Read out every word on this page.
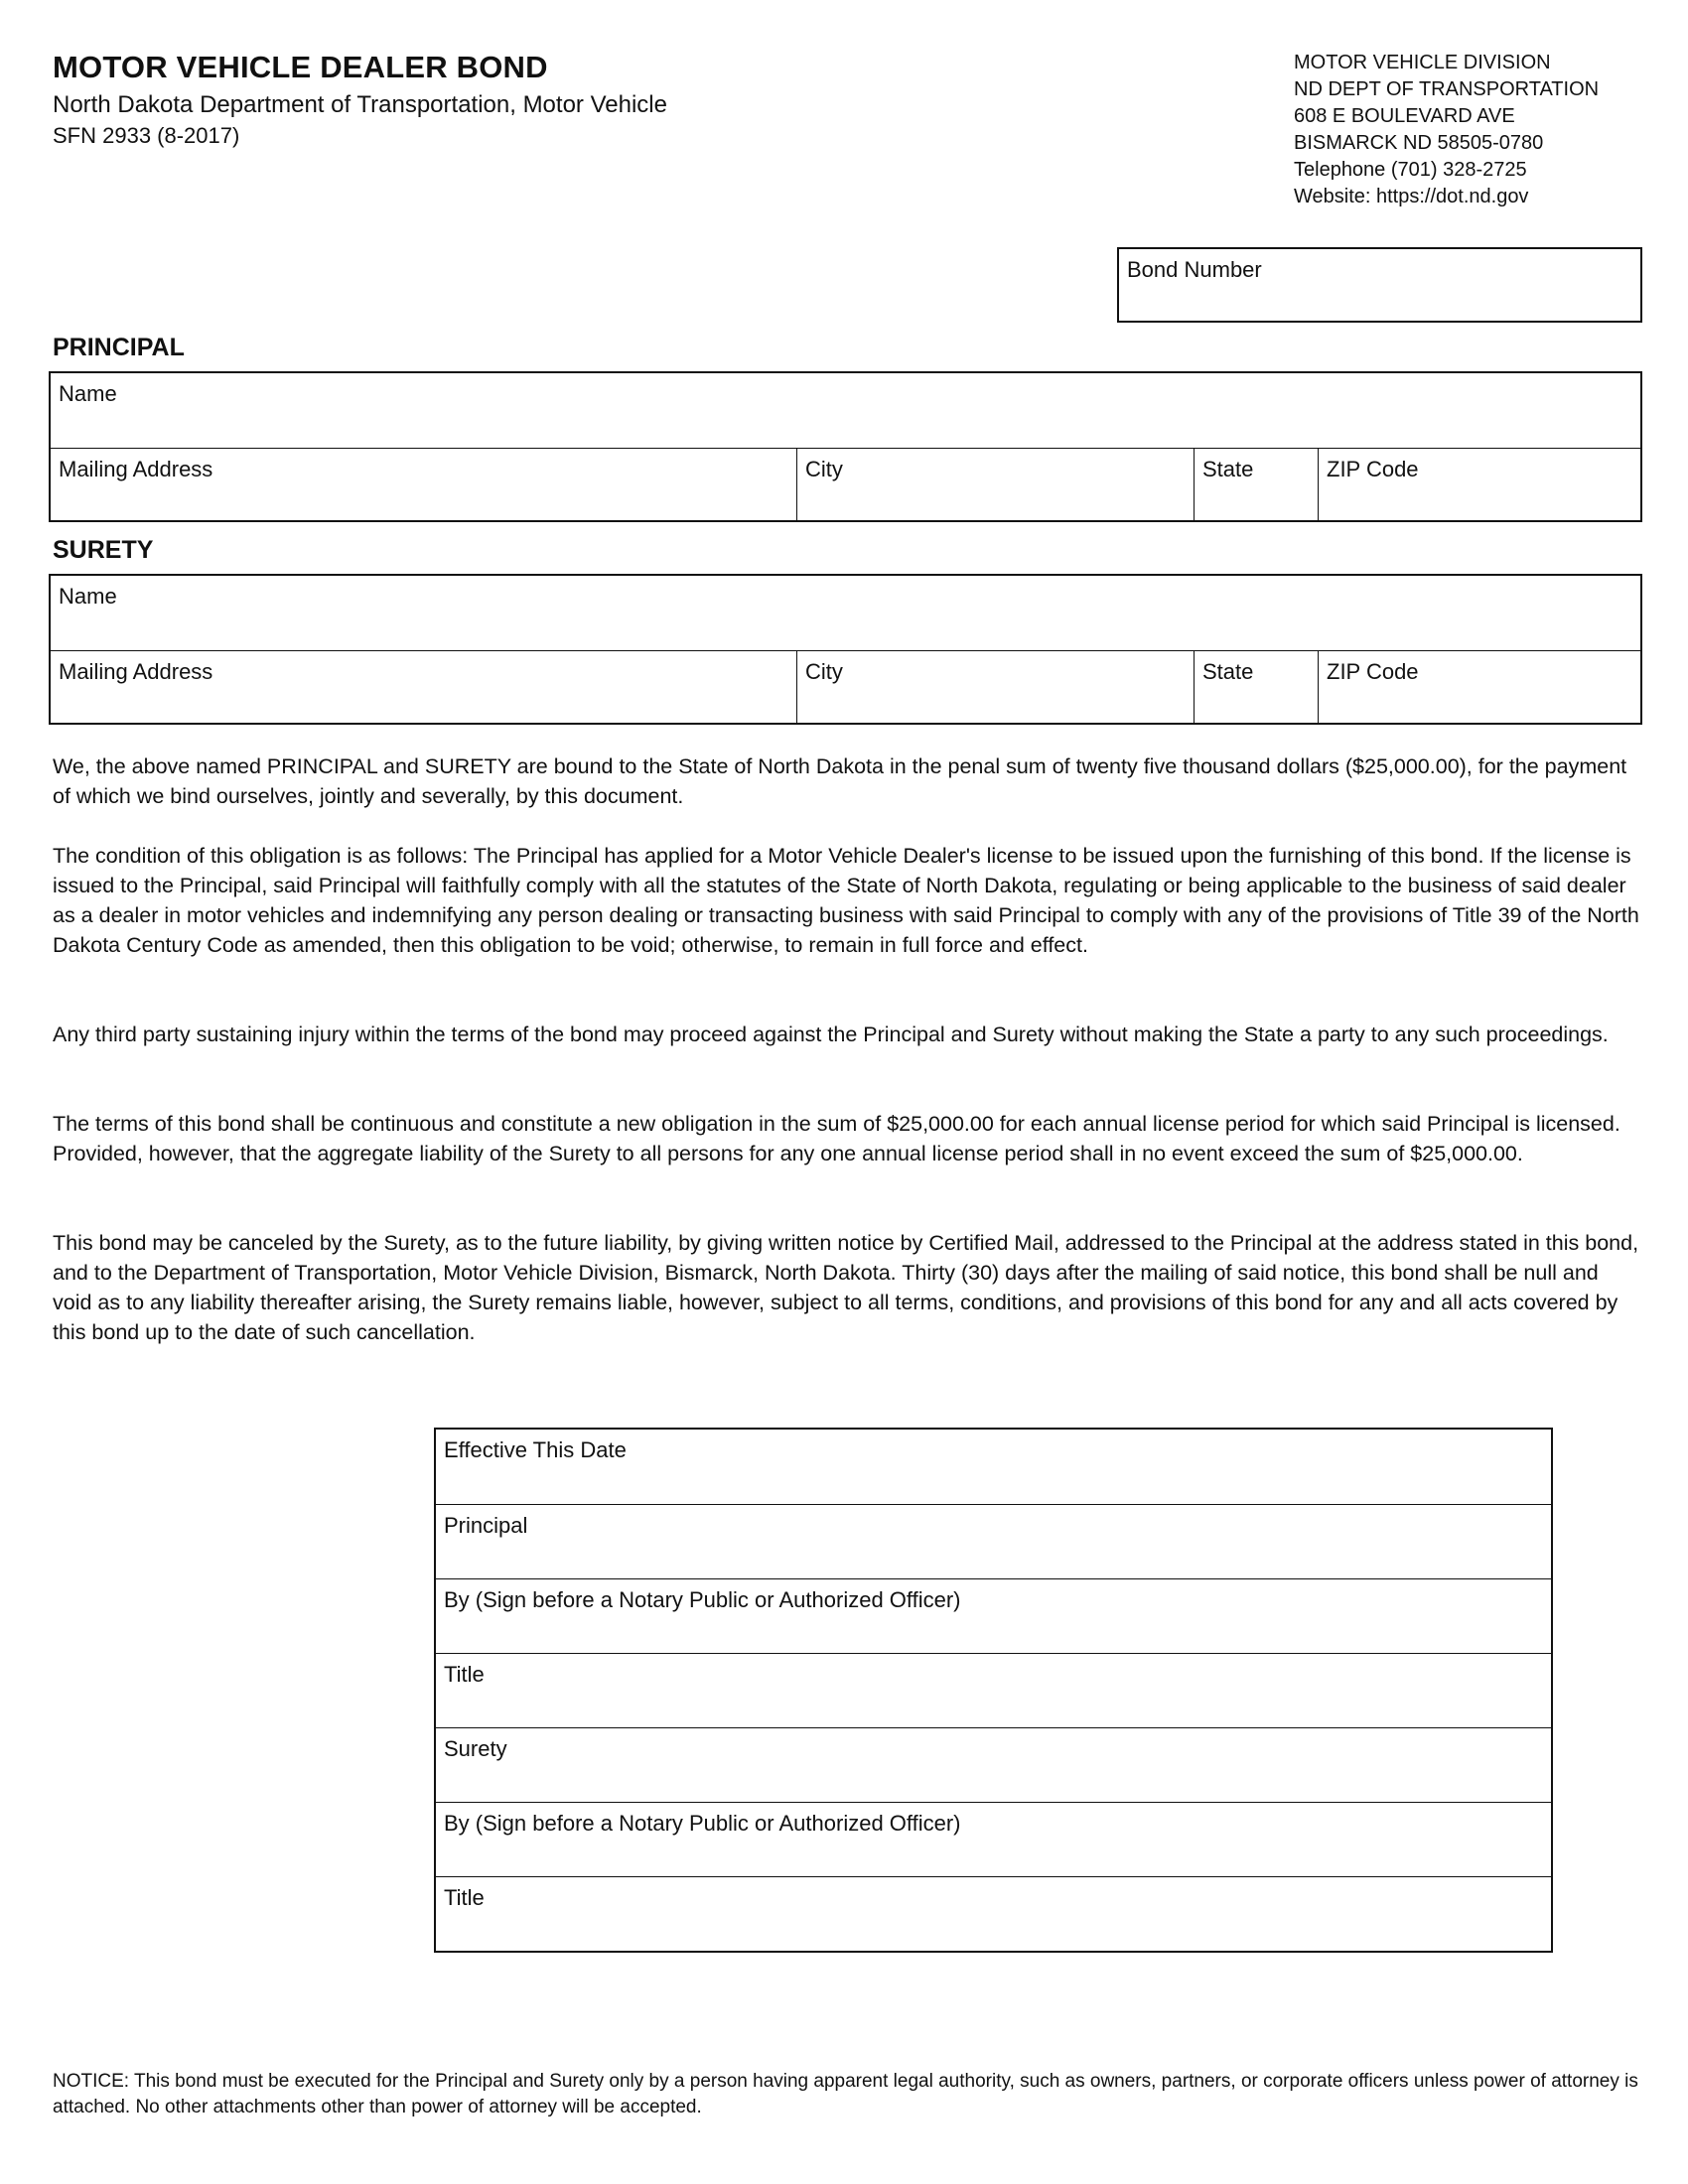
MOTOR VEHICLE DEALER BOND
North Dakota Department of Transportation, Motor Vehicle
SFN 2933 (8-2017)
MOTOR VEHICLE DIVISION
ND DEPT OF TRANSPORTATION
608 E BOULEVARD AVE
BISMARCK ND 58505-0780
Telephone (701) 328-2725
Website: https://dot.nd.gov
Bond Number
PRINCIPAL
Name
Mailing Address	City	State	ZIP Code
SURETY
Name
Mailing Address	City	State	ZIP Code

We, the above named PRINCIPAL and SURETY are bound to the State of North Dakota in the penal sum of twenty five thousand dollars ($25,000.00), for the payment of which we bind ourselves, jointly and severally, by this document.

The condition of this obligation is as follows: The Principal has applied for a Motor Vehicle Dealer's license to be issued upon the furnishing of this bond. If the license is issued to the Principal, said Principal will faithfully comply with all the statutes of the State of North Dakota, regulating or being applicable to the business of said dealer as a dealer in motor vehicles and indemnifying any person dealing or transacting business with said Principal to comply with any of the provisions of Title 39 of the North Dakota Century Code as amended, then this obligation to be void; otherwise, to remain in full force and effect.

Any third party sustaining injury within the terms of the bond may proceed against the Principal and Surety without making the State a party to any such proceedings.

The terms of this bond shall be continuous and constitute a new obligation in the sum of $25,000.00 for each annual license period for which said Principal is licensed. Provided, however, that the aggregate liability of the Surety to all persons for any one annual license period shall in no event exceed the sum of $25,000.00.

This bond may be canceled by the Surety, as to the future liability, by giving written notice by Certified Mail, addressed to the Principal at the address stated in this bond, and to the Department of Transportation, Motor Vehicle Division, Bismarck, North Dakota. Thirty (30) days after the mailing of said notice, this bond shall be null and void as to any liability thereafter arising, the Surety remains liable, however, subject to all terms, conditions, and provisions of this bond for any and all acts covered by this bond up to the date of such cancellation.

Effective This Date
Principal
By (Sign before a Notary Public or Authorized Officer)
Title
Surety
By (Sign before a Notary Public or Authorized Officer)
Title
NOTICE: This bond must be executed for the Principal and Surety only by a person having apparent legal authority, such as owners, partners, or corporate officers unless power of attorney is attached. No other attachments other than power of attorney will be accepted.
